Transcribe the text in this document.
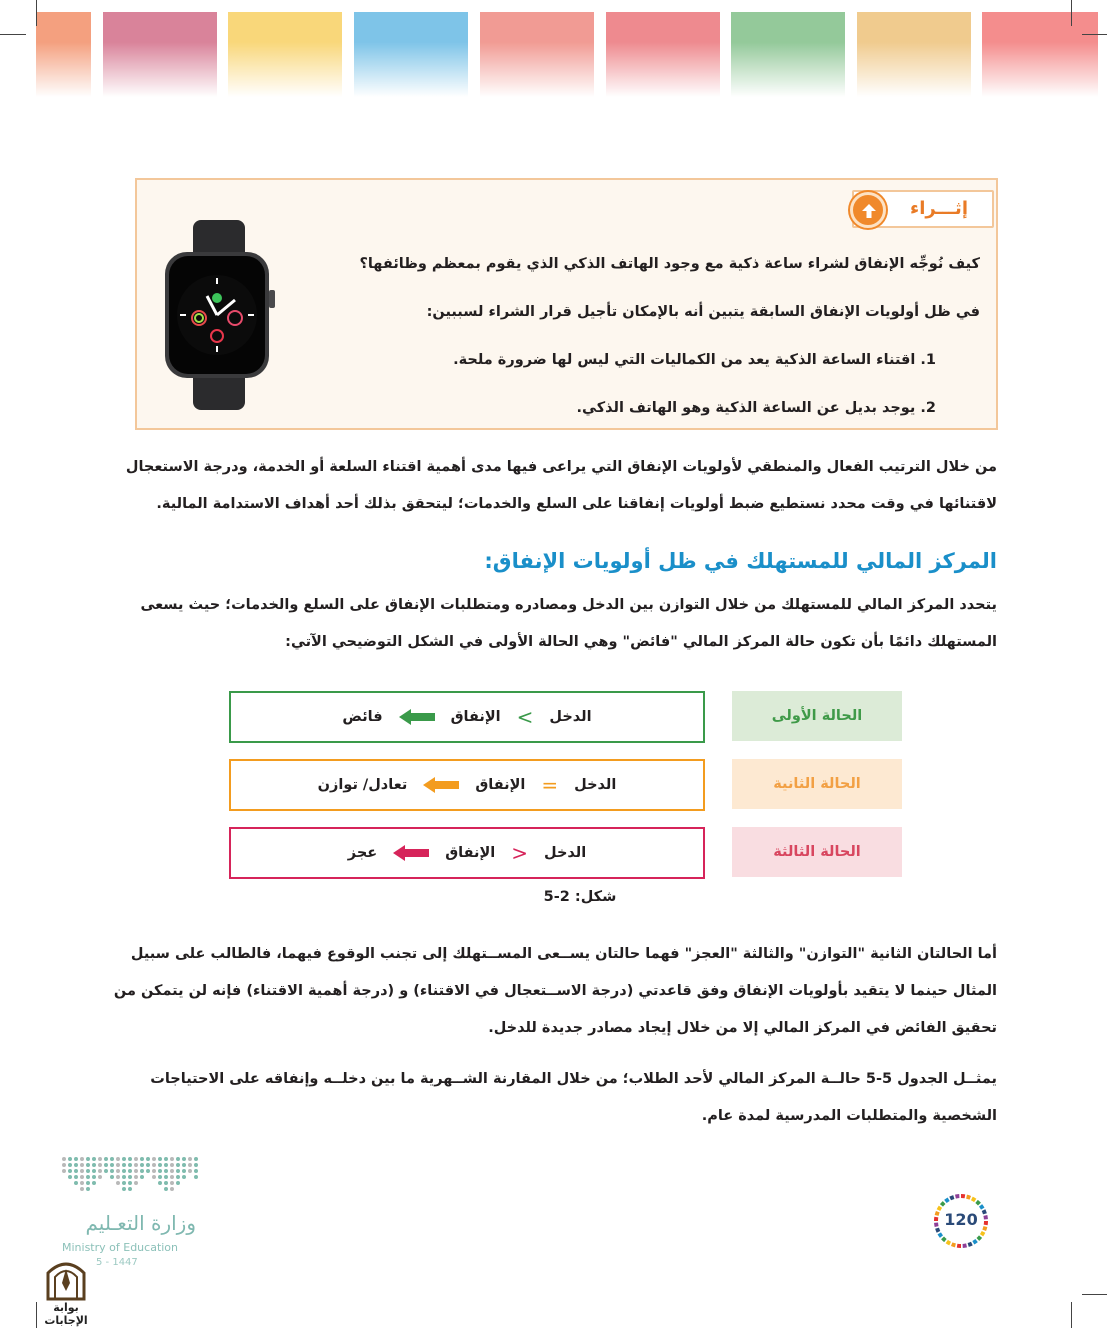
إثـــراء
كيف نُوجِّه الإنفاق لشراء ساعة ذكية مع وجود الهاتف الذكي الذي يقوم بمعظم وظائفها؟
في ظل أولويات الإنفاق السابقة يتبين أنه بالإمكان تأجيل قرار الشراء لسببين:
1. اقتناء الساعة الذكية يعد من الكماليات التي ليس لها ضرورة ملحة.
2. يوجد بديل عن الساعة الذكية وهو الهاتف الذكي.

من خلال الترتيب الفعال والمنطقي لأولويات الإنفاق التي يراعى فيها مدى أهمية اقتناء السلعة أو الخدمة، ودرجة الاستعجال

لاقتنائها في وقت محدد نستطيع ضبط أولويات إنفاقنا على السلع والخدمات؛ ليتحقق بذلك أحد أهداف الاستدامة المالية.

المركز المالي للمستهلك في ظل أولويات الإنفاق:

يتحدد المركز المالي للمستهلك من خلال التوازن بين الدخل ومصادره ومتطلبات الإنفاق على السلع والخدمات؛ حيث يسعى

المستهلك دائمًا بأن تكون حالة المركز المالي "فائض" وهي الحالة الأولى في الشكل التوضيحي الآتي:

الحالة الأولى
الدخل
>
الإنفاق
فائض
الحالة الثانية
الدخل
=
الإنفاق
تعادل/ توازن
الحالة الثالثة
الدخل
<
الإنفاق
عجز
شكل: 2-5

أما الحالتان الثانية "التوازن" والثالثة "العجز" فهما حالتان يســعى المســتهلك إلى تجنب الوقوع فيهما، فالطالب على سبيل

المثال حينما لا يتقيد بأولويات الإنفاق وفق قاعدتي (درجة الاســتعجال في الاقتناء) و (درجة أهمية الاقتناء) فإنه لن يتمكن من

تحقيق الفائض في المركز المالي إلا من خلال إيجاد مصادر جديدة للدخل.

يمثــل الجدول 5-5 حالــة المركز المالي لأحد الطلاب؛ من خلال المقارنة الشــهرية ما بين دخلــه وإنفاقه على الاحتياجات

الشخصية والمتطلبات المدرسية لمدة عام.

وزارة التعـليم
Ministry of Education
5 - 1447
بوابة الإجابات
120
